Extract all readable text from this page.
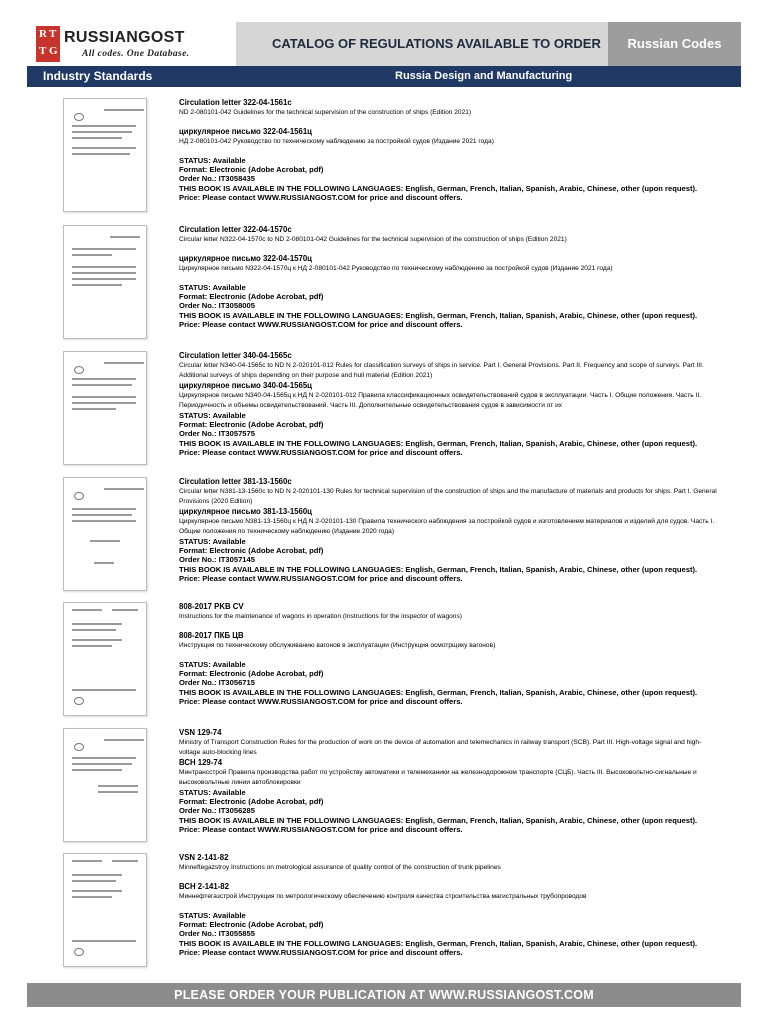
R T
T G
RUSSIANGOST
All codes. One Database.
CATALOG OF REGULATIONS AVAILABLE TO ORDER	Russian Codes
Industry Standards	Russia Design and Manufacturing
Circulation letter 322-04-1561c
ND 2-080101-042 Guidelines for the technical supervision of the construction of ships (Edition 2021)
циркулярное письмо 322-04-1561ц
НД 2-080101-042 Руководство по техническому наблюдению за постройкой судов (Издание 2021 года)
STATUS: Available
Format: Electronic (Adobe Acrobat, pdf)
Order No.: IT3058435
THIS BOOK IS AVAILABLE IN THE FOLLOWING LANGUAGES: English, German, French, Italian, Spanish, Arabic, Chinese, other (upon request).
Price: Please contact WWW.RUSSIANGOST.COM for price and discount offers.
Circulation letter 322-04-1570c
Circular letter N322-04-1570c to ND 2-080101-042 Guidelines for the technical supervision of the construction of ships (Edition 2021)
циркулярное письмо 322-04-1570ц
Циркулярное письмо N322-04-1570ц к НД 2-080101-042 Руководство по техническому наблюдению за постройкой судов (Издание 2021 года)
STATUS: Available
Format: Electronic (Adobe Acrobat, pdf)
Order No.: IT3058005
THIS BOOK IS AVAILABLE IN THE FOLLOWING LANGUAGES: English, German, French, Italian, Spanish, Arabic, Chinese, other (upon request).
Price: Please contact WWW.RUSSIANGOST.COM for price and discount offers.
Circulation letter 340-04-1565c
Circular letter N340-04-1565c to ND N 2-020101-012 Rules for classification surveys of ships in service. Part I. General Provisions. Part II. Frequency and scope of surveys. Part III. Additional surveys of ships depending on their purpose and hull material (Edition 2021)
циркулярное письмо 340-04-1565ц
Циркулярное письмо N340-04-1565ц к НД N 2-020101-012 Правила классификационных освидетельствований судов в эксплуатации. Часть I. Общие положения. Часть II. Периодичность и объемы освидетельствований. Часть III. Дополнительные освидетельствования судов в зависимости от их
STATUS: Available
Format: Electronic (Adobe Acrobat, pdf)
Order No.: IT3057575
THIS BOOK IS AVAILABLE IN THE FOLLOWING LANGUAGES: English, German, French, Italian, Spanish, Arabic, Chinese, other (upon request).
Price: Please contact WWW.RUSSIANGOST.COM for price and discount offers.
Circulation letter 381-13-1560c
Circular letter N381-13-1560c to ND N 2-020101-130 Rules for technical supervision of the construction of ships and the manufacture of materials and products for ships. Part I. General Provisions (2020 Edition)
циркулярное письмо 381-13-1560ц
Циркулярное письмо N381-13-1560ц к НД N 2-020101-130 Правила технического наблюдения за постройкой судов и изготовлением материалов и изделий для судов. Часть I. Общие положения по техническому наблюдению (Издание 2020 года)
STATUS: Available
Format: Electronic (Adobe Acrobat, pdf)
Order No.: IT3057145
THIS BOOK IS AVAILABLE IN THE FOLLOWING LANGUAGES: English, German, French, Italian, Spanish, Arabic, Chinese, other (upon request).
Price: Please contact WWW.RUSSIANGOST.COM for price and discount offers.
808-2017 PKB CV
Instructions for the maintenance of wagons in operation (Instructions for the inspector of wagons)
808-2017 ПКБ ЦВ
Инструкция по техническому обслуживанию вагонов в эксплуатации (Инструкция осмотрщику вагонов)
STATUS: Available
Format: Electronic (Adobe Acrobat, pdf)
Order No.: IT3056715
THIS BOOK IS AVAILABLE IN THE FOLLOWING LANGUAGES: English, German, French, Italian, Spanish, Arabic, Chinese, other (upon request).
Price: Please contact WWW.RUSSIANGOST.COM for price and discount offers.
VSN 129-74
Ministry of Transport Construction Rules for the production of work on the device of automation and telemechanics in railway transport (SCB). Part III. High-voltage signal and high-voltage auto-blocking lines
ВСН 129-74
Минтрансстрой Правила производства работ по устройству автоматики и телемеханики на железнодорожном транспорте (СЦБ). Часть III. Высоковольтно-сигнальные и высоковольтные линии автоблокировки
STATUS: Available
Format: Electronic (Adobe Acrobat, pdf)
Order No.: IT3056285
THIS BOOK IS AVAILABLE IN THE FOLLOWING LANGUAGES: English, German, French, Italian, Spanish, Arabic, Chinese, other (upon request).
Price: Please contact WWW.RUSSIANGOST.COM for price and discount offers.
VSN 2-141-82
Minneftegazstroy Instructions on metrological assurance of quality control of the construction of trunk pipelines
ВСН 2-141-82
Миннефтегазстрой Инструкция по метрологическому обеспечению контроля качества строительства магистральных трубопроводов
STATUS: Available
Format: Electronic (Adobe Acrobat, pdf)
Order No.: IT3055855
THIS BOOK IS AVAILABLE IN THE FOLLOWING LANGUAGES: English, German, French, Italian, Spanish, Arabic, Chinese, other (upon request).
Price: Please contact WWW.RUSSIANGOST.COM for price and discount offers.
PLEASE ORDER YOUR PUBLICATION AT WWW.RUSSIANGOST.COM
